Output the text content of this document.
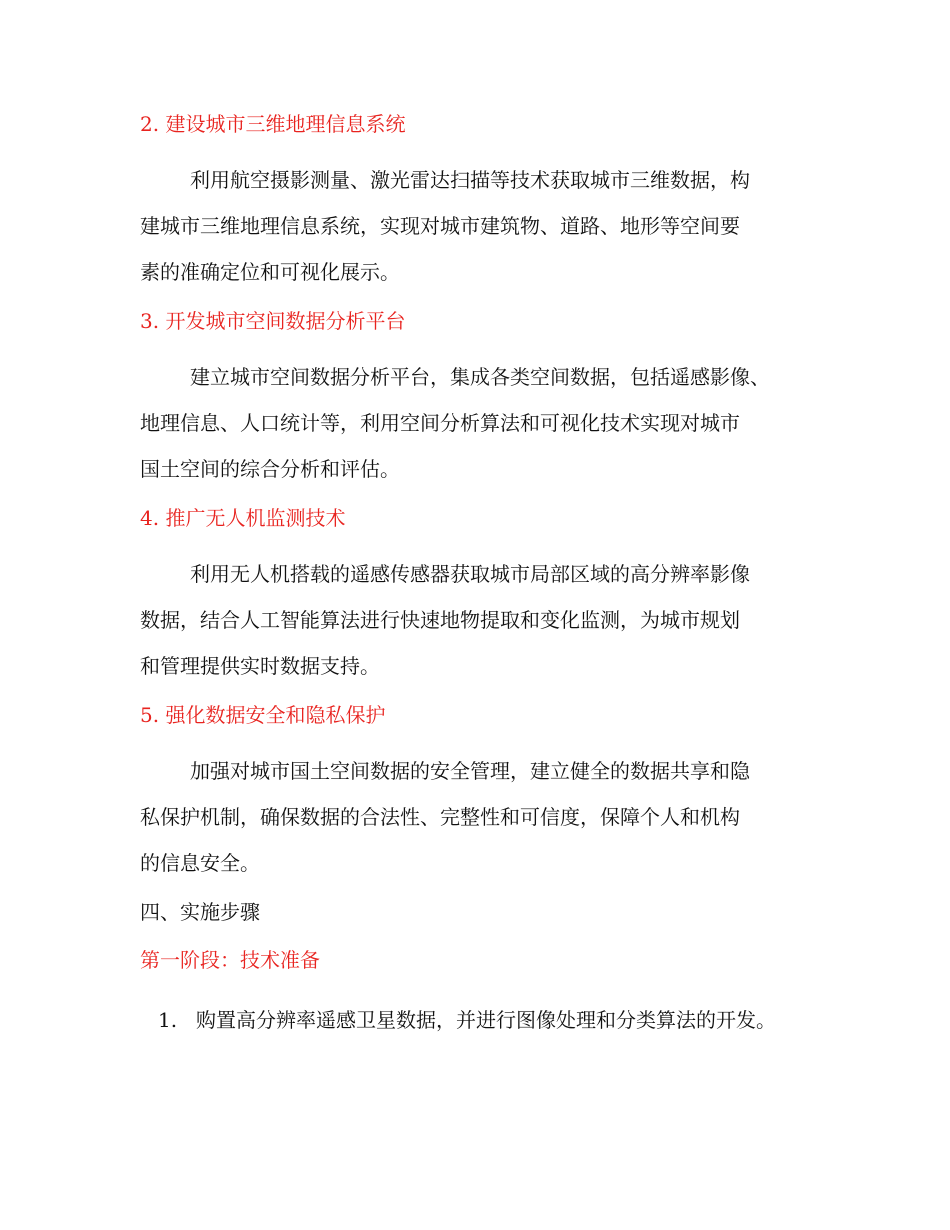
2. 建设城市三维地理信息系统
利用航空摄影测量、激光雷达扫描等技术获取城市三维数据，构
建城市三维地理信息系统，实现对城市建筑物、道路、地形等空间要
素的准确定位和可视化展示。
3. 开发城市空间数据分析平台
建立城市空间数据分析平台，集成各类空间数据，包括遥感影像、
地理信息、人口统计等，利用空间分析算法和可视化技术实现对城市
国土空间的综合分析和评估。
4. 推广无人机监测技术
利用无人机搭载的遥感传感器获取城市局部区域的高分辨率影像
数据，结合人工智能算法进行快速地物提取和变化监测，为城市规划
和管理提供实时数据支持。
5. 强化数据安全和隐私保护
加强对城市国土空间数据的安全管理，建立健全的数据共享和隐
私保护机制，确保数据的合法性、完整性和可信度，保障个人和机构
的信息安全。
四、实施步骤
第一阶段：技术准备
1. 购置高分辨率遥感卫星数据，并进行图像处理和分类算法的开发。
